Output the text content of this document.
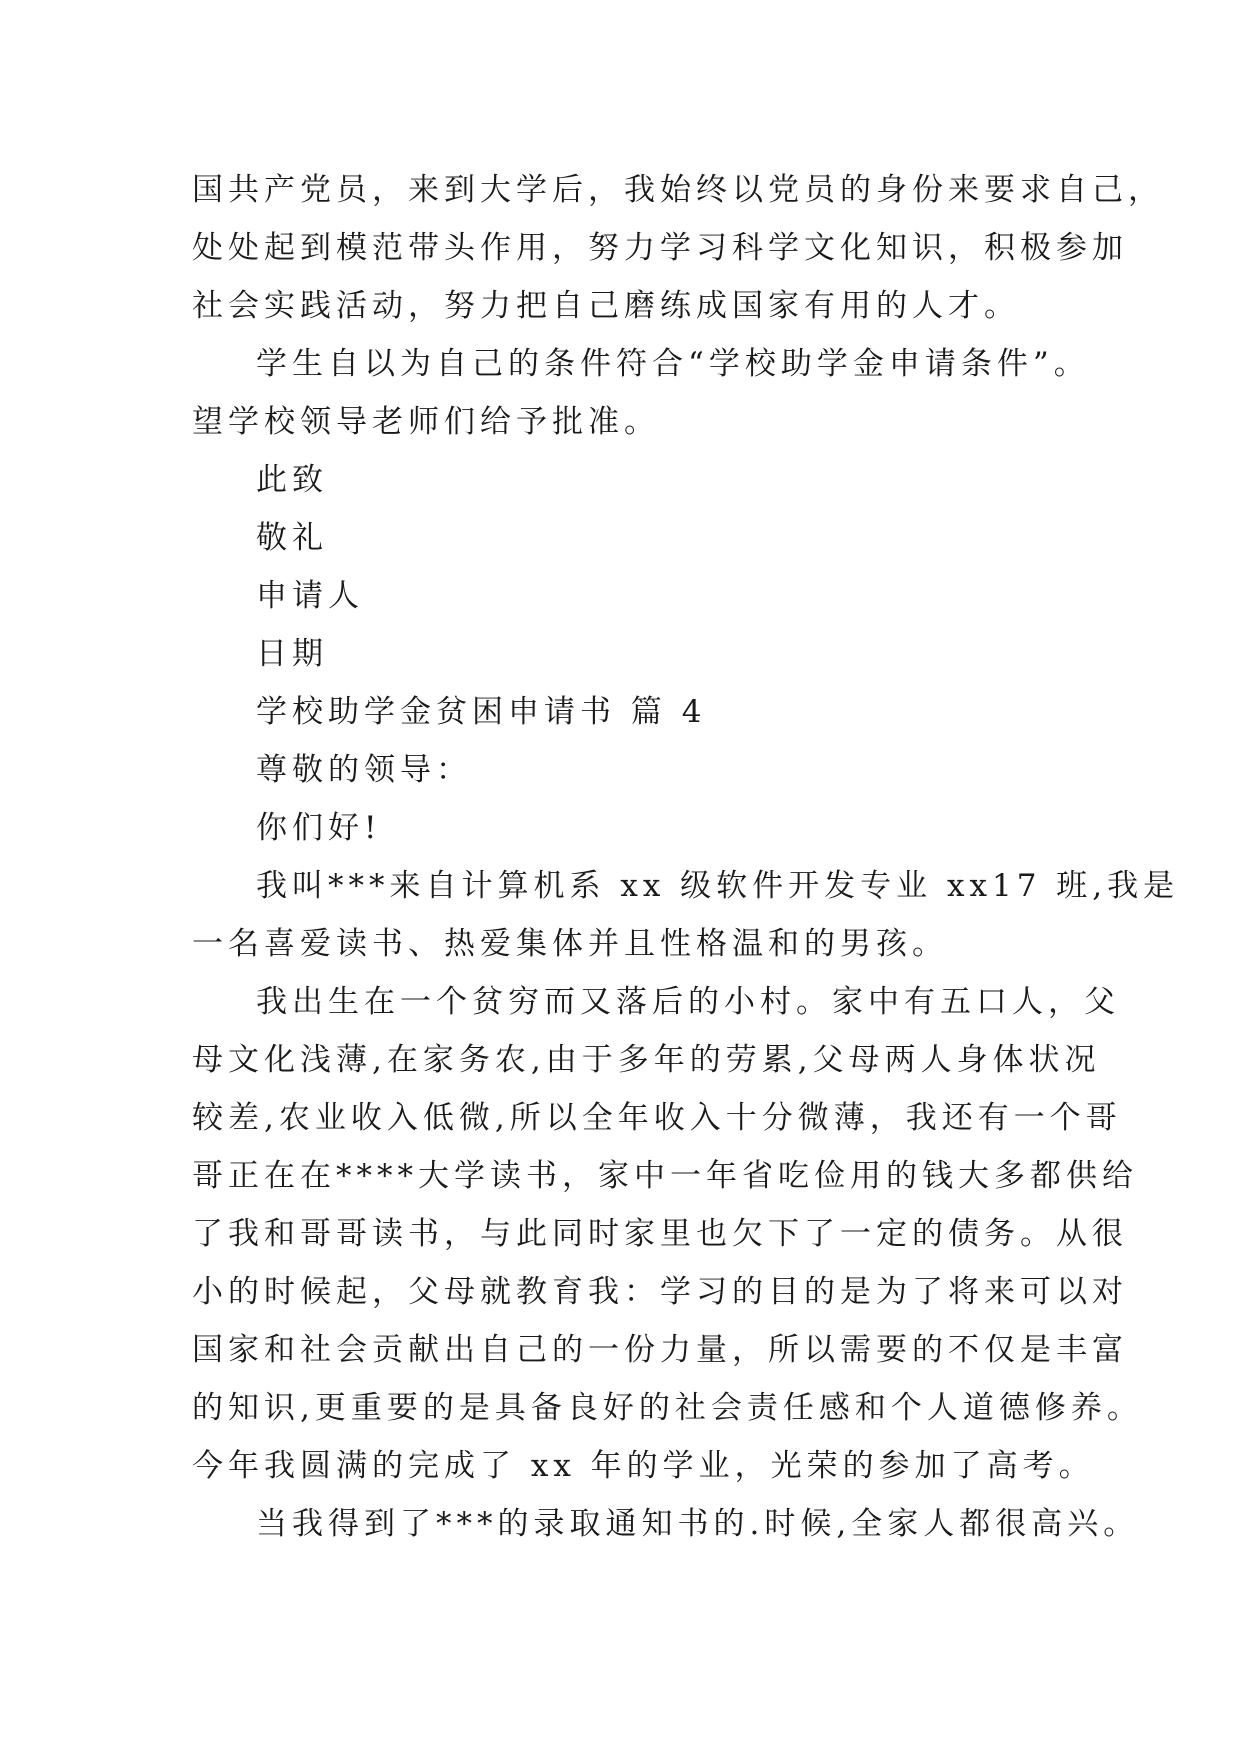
国共产党员，来到大学后，我始终以党员的身份来要求自己，
处处起到模范带头作用，努力学习科学文化知识，积极参加
社会实践活动，努力把自己磨练成国家有用的人才。
学生自以为自己的条件符合“学校助学金申请条件”。
望学校领导老师们给予批准。
此致
敬礼
申请人
日期
学校助学金贫困申请书 篇 4
尊敬的领导：
你们好!
我叫***来自计算机系 xx 级软件开发专业 xx17 班,我是
一名喜爱读书、热爱集体并且性格温和的男孩。
我出生在一个贫穷而又落后的小村。家中有五口人，父
母文化浅薄,在家务农,由于多年的劳累,父母两人身体状况
较差,农业收入低微,所以全年收入十分微薄，我还有一个哥
哥正在在****大学读书，家中一年省吃俭用的钱大多都供给
了我和哥哥读书，与此同时家里也欠下了一定的债务。从很
小的时候起，父母就教育我：学习的目的是为了将来可以对
国家和社会贡献出自己的一份力量，所以需要的不仅是丰富
的知识,更重要的是具备良好的社会责任感和个人道德修养。
今年我圆满的完成了 xx 年的学业，光荣的参加了高考。
当我得到了***的录取通知书的.时候,全家人都很高兴。
